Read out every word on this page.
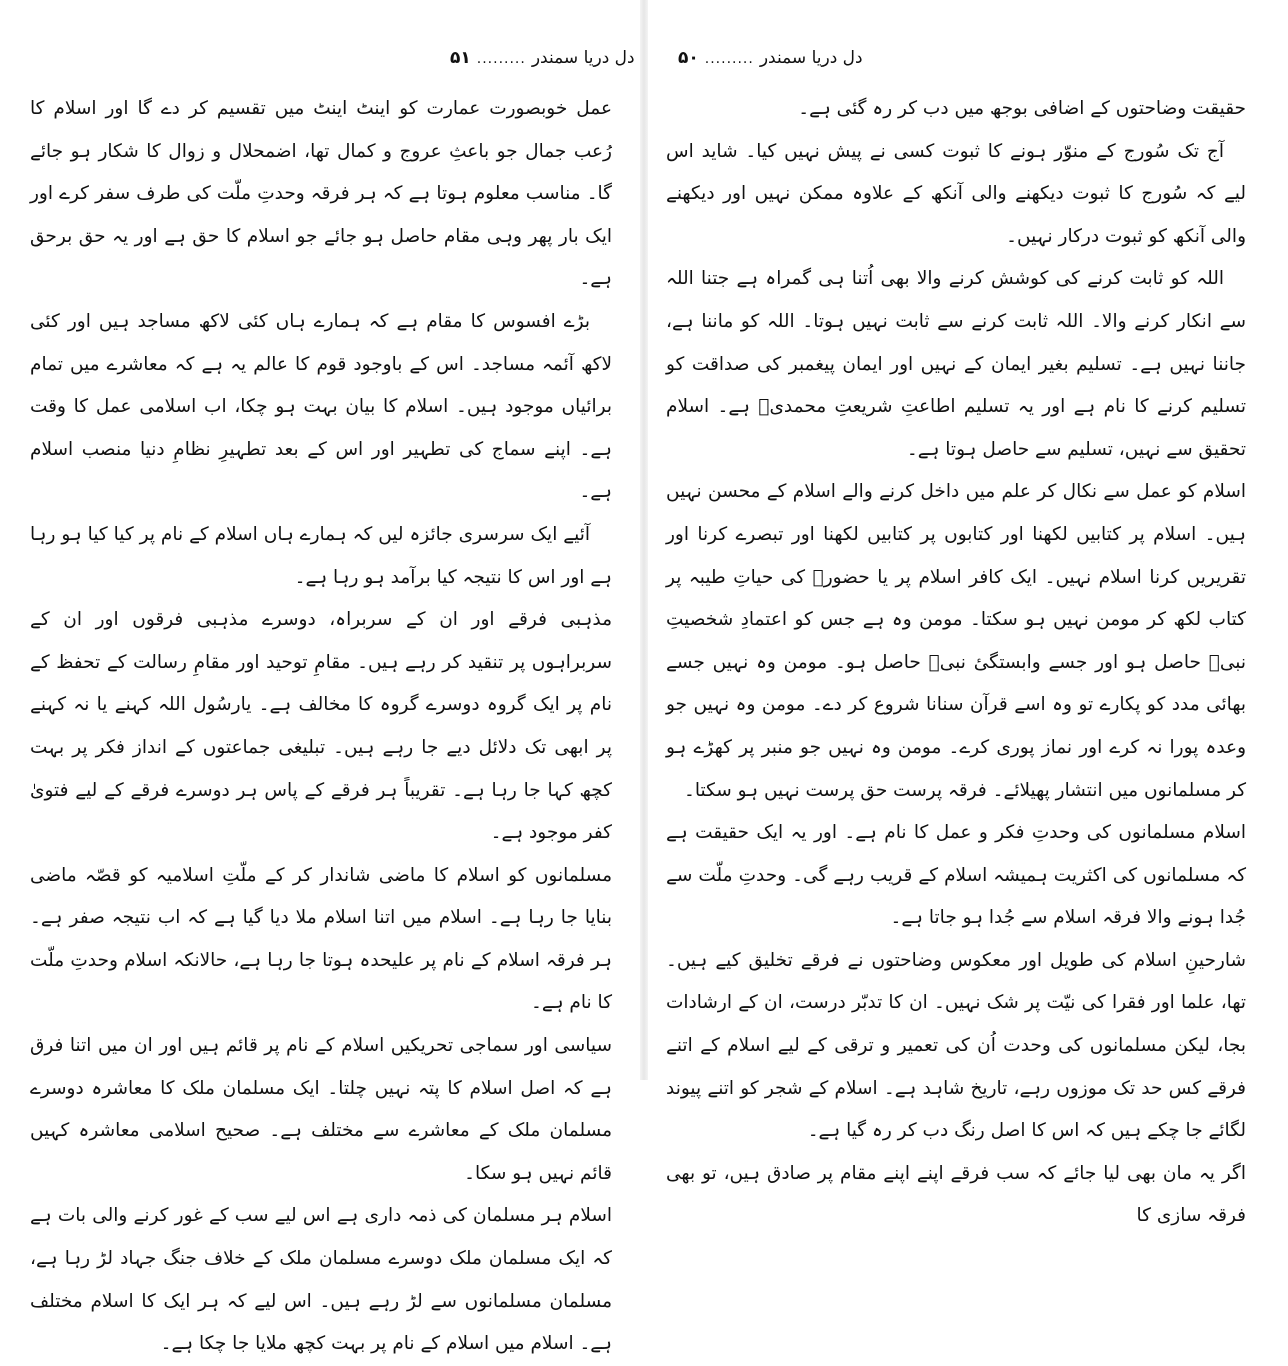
۵۱ ......... دل دریا سمندر

عمل خوبصورت عمارت کو اینٹ اینٹ میں تقسیم کر دے گا اور اسلام کا رُعب جمال جو باعثِ عروج و کمال تھا، اضمحلال و زوال کا شکار ہو جائے گا۔ مناسب معلوم ہوتا ہے کہ ہر فرقہ وحدتِ ملّت کی طرف سفر کرے اور ایک بار پھر وہی مقام حاصل ہو جائے جو اسلام کا حق ہے اور یہ حق برحق ہے۔

بڑے افسوس کا مقام ہے کہ ہمارے ہاں کئی لاکھ مساجد ہیں اور کئی لاکھ آئمہ مساجد۔ اس کے باوجود قوم کا عالم یہ ہے کہ معاشرے میں تمام برائیاں موجود ہیں۔ اسلام کا بیان بہت ہو چکا، اب اسلامی عمل کا وقت ہے۔ اپنے سماج کی تطہیر اور اس کے بعد تطہیرِ نظامِ دنیا منصب اسلام ہے۔

آئیے ایک سرسری جائزہ لیں کہ ہمارے ہاں اسلام کے نام پر کیا کیا ہو رہا ہے اور اس کا نتیجہ کیا برآمد ہو رہا ہے۔

مذہبی فرقے اور ان کے سربراہ، دوسرے مذہبی فرقوں اور ان کے سربراہوں پر تنقید کر رہے ہیں۔ مقامِ توحید اور مقامِ رسالت کے تحفظ کے نام پر ایک گروہ دوسرے گروہ کا مخالف ہے۔ یارسُول اللہ کہنے یا نہ کہنے پر ابھی تک دلائل دیے جا رہے ہیں۔ تبلیغی جماعتوں کے انداز فکر پر بہت کچھ کہا جا رہا ہے۔ تقریباً ہر فرقے کے پاس ہر دوسرے فرقے کے لیے فتویٰ کفر موجود ہے۔

مسلمانوں کو اسلام کا ماضی شاندار کر کے ملّتِ اسلامیہ کو قصّہ ماضی بنایا جا رہا ہے۔ اسلام میں اتنا اسلام ملا دیا گیا ہے کہ اب نتیجہ صفر ہے۔ ہر فرقہ اسلام کے نام پر علیحدہ ہوتا جا رہا ہے، حالانکہ اسلام وحدتِ ملّت کا نام ہے۔

سیاسی اور سماجی تحریکیں اسلام کے نام پر قائم ہیں اور ان میں اتنا فرق ہے کہ اصل اسلام کا پتہ نہیں چلتا۔ ایک مسلمان ملک کا معاشرہ دوسرے مسلمان ملک کے معاشرے سے مختلف ہے۔ صحیح اسلامی معاشرہ کہیں قائم نہیں ہو سکا۔

اسلام ہر مسلمان کی ذمہ داری ہے اس لیے سب کے غور کرنے والی بات ہے کہ ایک مسلمان ملک دوسرے مسلمان ملک کے خلاف جنگ جہاد لڑ رہا ہے، مسلمان مسلمانوں سے لڑ رہے ہیں۔ اس لیے کہ ہر ایک کا اسلام مختلف ہے۔ اسلام میں اسلام کے نام پر بہت کچھ ملایا جا چکا ہے۔

۵۰ ......... دل دریا سمندر

حقیقت وضاحتوں کے اضافی بوجھ میں دب کر رہ گئی ہے۔

آج تک سُورج کے منوّر ہونے کا ثبوت کسی نے پیش نہیں کیا۔ شاید اس لیے کہ سُورج کا ثبوت دیکھنے والی آنکھ کے علاوہ ممکن نہیں اور دیکھنے والی آنکھ کو ثبوت درکار نہیں۔

اللہ کو ثابت کرنے کی کوشش کرنے والا بھی اُتنا ہی گمراہ ہے جتنا اللہ سے انکار کرنے والا۔ اللہ ثابت کرنے سے ثابت نہیں ہوتا۔ اللہ کو ماننا ہے، جاننا نہیں ہے۔ تسلیم بغیر ایمان کے نہیں اور ایمان پیغمبر کی صداقت کو تسلیم کرنے کا نام ہے اور یہ تسلیم اطاعتِ شریعتِ محمدیؐ ہے۔ اسلام تحقیق سے نہیں، تسلیم سے حاصل ہوتا ہے۔

اسلام کو عمل سے نکال کر علم میں داخل کرنے والے اسلام کے محسن نہیں ہیں۔ اسلام پر کتابیں لکھنا اور کتابوں پر کتابیں لکھنا اور تبصرے کرنا اور تقریریں کرنا اسلام نہیں۔ ایک کافر اسلام پر یا حضورؐ کی حیاتِ طیبہ پر کتاب لکھ کر مومن نہیں ہو سکتا۔ مومن وہ ہے جس کو اعتمادِ شخصیتِ نبیؐ حاصل ہو اور جسے وابستگیٔ نبیؐ حاصل ہو۔ مومن وہ نہیں جسے بھائی مدد کو پکارے تو وہ اسے قرآن سنانا شروع کر دے۔ مومن وہ نہیں جو وعدہ پورا نہ کرے اور نماز پوری کرے۔ مومن وہ نہیں جو منبر پر کھڑے ہو کر مسلمانوں میں انتشار پھیلائے۔ فرقہ پرست حق پرست نہیں ہو سکتا۔

اسلام مسلمانوں کی وحدتِ فکر و عمل کا نام ہے۔ اور یہ ایک حقیقت ہے کہ مسلمانوں کی اکثریت ہمیشہ اسلام کے قریب رہے گی۔ وحدتِ ملّت سے جُدا ہونے والا فرقہ اسلام سے جُدا ہو جاتا ہے۔

شارحینِ اسلام کی طویل اور معکوس وضاحتوں نے فرقے تخلیق کیے ہیں۔ تھا، علما اور فقرا کی نیّت پر شک نہیں۔ ان کا تدبّر درست، ان کے ارشادات بجا، لیکن مسلمانوں کی وحدت اُن کی تعمیر و ترقی کے لیے اسلام کے اتنے فرقے کس حد تک موزوں رہے، تاریخ شاہد ہے۔ اسلام کے شجر کو اتنے پیوند لگائے جا چکے ہیں کہ اس کا اصل رنگ دب کر رہ گیا ہے۔

اگر یہ مان بھی لیا جائے کہ سب فرقے اپنے اپنے مقام پر صادق ہیں، تو بھی فرقہ سازی کا
